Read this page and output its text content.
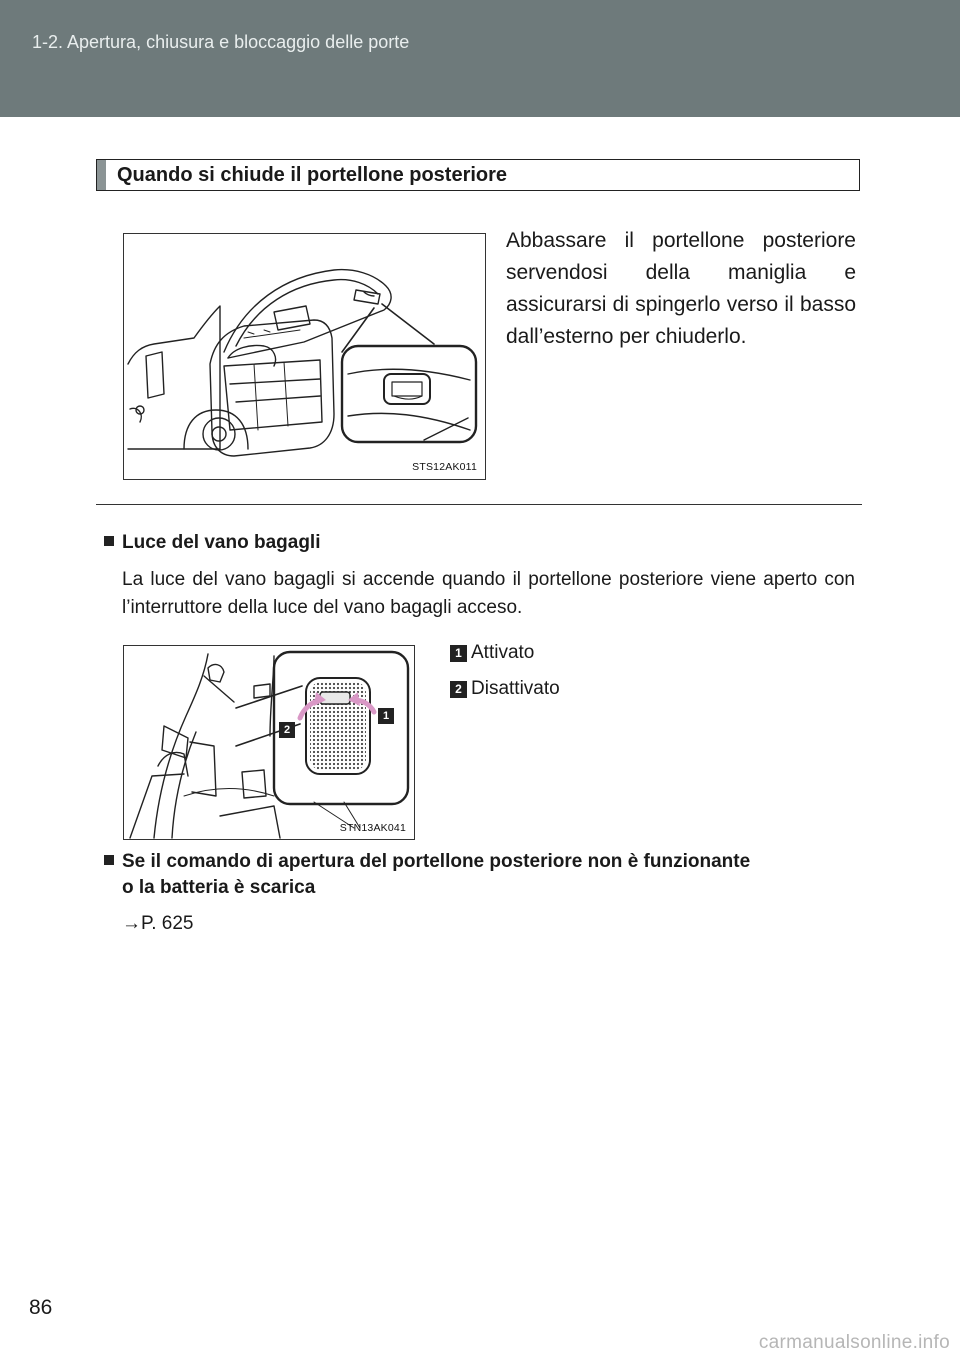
1-2. Apertura, chiusura e bloccaggio delle porte
Quando si chiude il portellone posteriore
STS12AK011
Abbassare il portellone posteriore servendosi della maniglia e assicurarsi di spingerlo verso il basso dall’esterno per chiuderlo.
Luce del vano bagagli
La luce del vano bagagli si accende quando il portellone posteriore viene aperto con l’interruttore della luce del vano bagagli acceso.
2
1
STN13AK041
1 Attivato
2 Disattivato
Se il comando di apertura del portellone posteriore non è funzionante
o la batteria è scarica
→P. 625
86
carmanualsonline.info
